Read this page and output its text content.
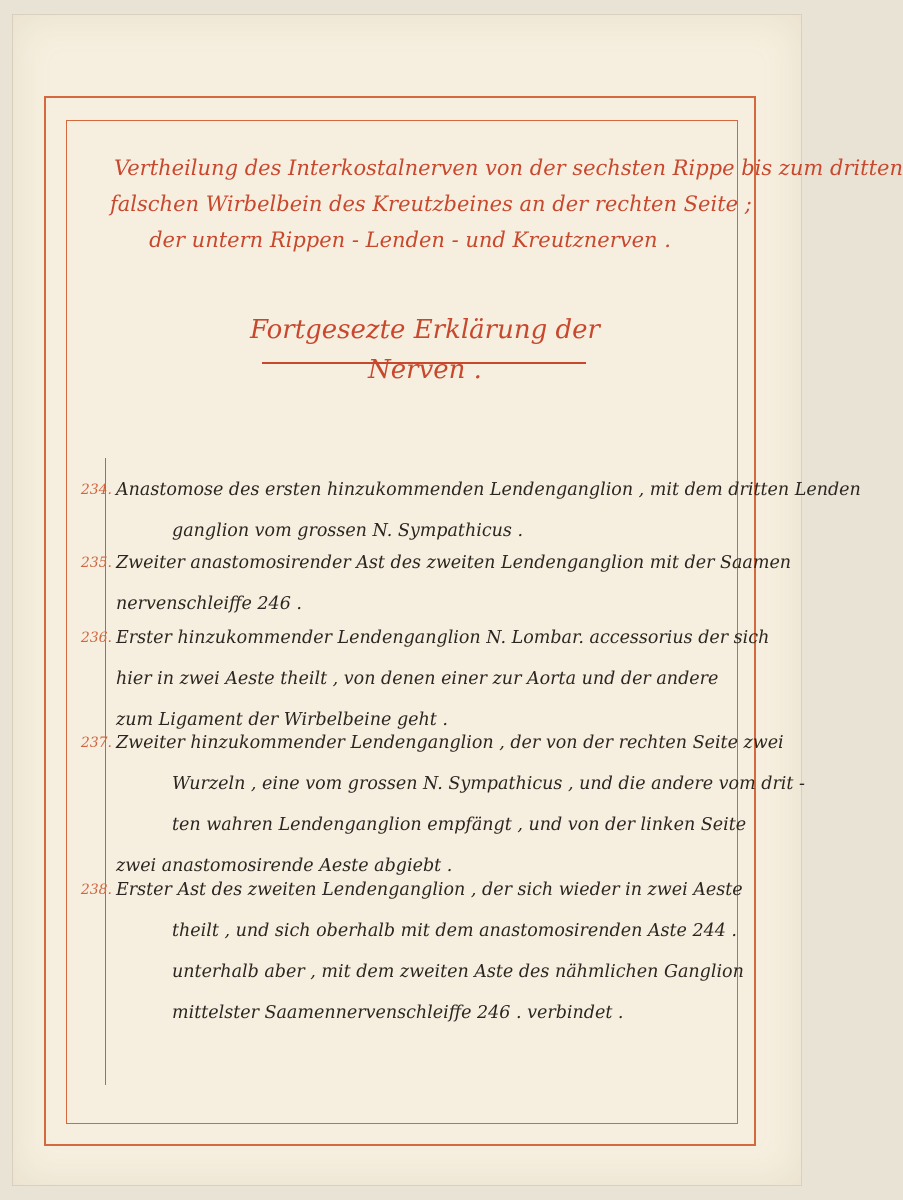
Vertheilung des Interkostalnerven von der sechsten Rippe bis zum dritten
falschen Wirbelbein des Kreutzbeines an der rechten Seite ;
der untern Rippen - Lenden - und Kreutznerven .
Fortgesezte Erklärung der Nerven .
234. Anastomose des ersten hinzukommenden Lendenganglion , mit dem dritten Lenden
ganglion vom grossen N. Sympathicus .
235. Zweiter anastomosirender Ast des zweiten Lendenganglion mit der Saamen
nervenschleiffe 246 .
236. Erster hinzukommender Lendenganglion N. Lombar. accessorius der sich
hier in zwei Aeste theilt , von denen einer zur Aorta und der andere
zum Ligament der Wirbelbeine geht .
237. Zweiter hinzukommender Lendenganglion , der von der rechten Seite zwei
Wurzeln , eine vom grossen N. Sympathicus , und die andere vom drit -
ten wahren Lendenganglion empfängt , und von der linken Seite
zwei anastomosirende Aeste abgiebt .
238. Erster Ast des zweiten Lendenganglion , der sich wieder in zwei Aeste
theilt , und sich oberhalb mit dem anastomosirenden Aste 244 .
unterhalb aber , mit dem zweiten Aste des nähmlichen Ganglion
mittelster Saamennervenschleiffe 246 . verbindet .
